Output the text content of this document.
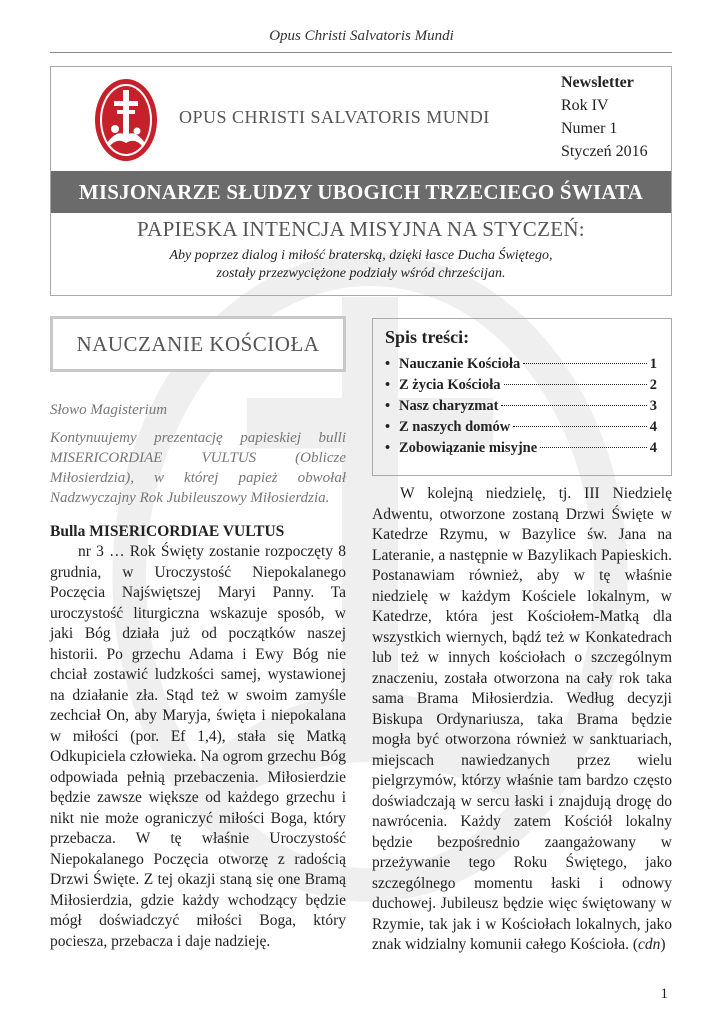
Opus Christi Salvatoris Mundi
OPUS CHRISTI SALVATORIS MUNDI
Newsletter
Rok IV
Numer 1
Styczeń 2016
MISJONARZE SŁUDZY UBOGICH TRZECIEGO ŚWIATA
PAPIESKA INTENCJA MISYJNA NA STYCZEŃ:
Aby poprzez dialog i miłość braterską, dzięki łasce Ducha Świętego,
zostały przezwyciężone podziały wśród chrześcijan.
NAUCZANIE KOŚCIOŁA	Spis treści:
• Nauczanie Kościoła	1
• Z życia Kościoła	2
• Nasz charyzmat	3
• Z naszych domów	4
• Zobowiązanie misyjne	4

Słowo Magisterium

Kontynuujemy prezentację papieskiej bulli MISERICORDIAE VULTUS (Oblicze Miłosierdzia), w której papież obwołał Nadzwyczajny Rok Jubileuszowy Miłosierdzia.

Bulla MISERICORDIAE VULTUS

nr 3 … Rok Święty zostanie rozpoczęty 8 grudnia, w Uroczystość Niepokalanego Poczęcia Najświętszej Maryi Panny. Ta uroczystość liturgiczna wskazuje sposób, w jaki Bóg działa już od początków naszej historii. Po grzechu Adama i Ewy Bóg nie chciał zostawić ludzkości samej, wystawionej na działanie zła. Stąd też w swoim zamyśle zechciał On, aby Maryja, święta i niepokalana w miłości (por. Ef 1,4), stała się Matką Odkupiciela człowieka. Na ogrom grzechu Bóg odpowiada pełnią przebaczenia. Miłosierdzie będzie zawsze większe od każdego grzechu i nikt nie może ograniczyć miłości Boga, który przebacza. W tę właśnie Uroczystość Niepokalanego Poczęcia otworzę z radością Drzwi Święte. Z tej okazji staną się one Bramą Miłosierdzia, gdzie każdy wchodzący będzie mógł doświadczyć miłości Boga, który pociesza, przebacza i daje nadzieję.

W kolejną niedzielę, tj. III Niedzielę Adwentu, otworzone zostaną Drzwi Święte w Katedrze Rzymu, w Bazylice św. Jana na Lateranie, a następnie w Bazylikach Papieskich. Postanawiam również, aby w tę właśnie niedzielę w każdym Kościele lokalnym, w Katedrze, która jest Kościołem-Matką dla wszystkich wiernych, bądź też w Konkatedrach lub też w innych kościołach o szczególnym znaczeniu, została otworzona na cały rok taka sama Brama Miłosierdzia. Według decyzji Biskupa Ordynariusza, taka Brama będzie mogła być otworzona również w sanktuariach, miejscach nawiedzanych przez wielu pielgrzymów, którzy właśnie tam bardzo często doświadczają w sercu łaski i znajdują drogę do nawrócenia. Każdy zatem Kościół lokalny będzie bezpośrednio zaangażowany w przeżywanie tego Roku Świętego, jako szczególnego momentu łaski i odnowy duchowej. Jubileusz będzie więc świętowany w Rzymie, tak jak i w Kościołach lokalnych, jako znak widzialny komunii całego Kościoła. (cdn)

1
